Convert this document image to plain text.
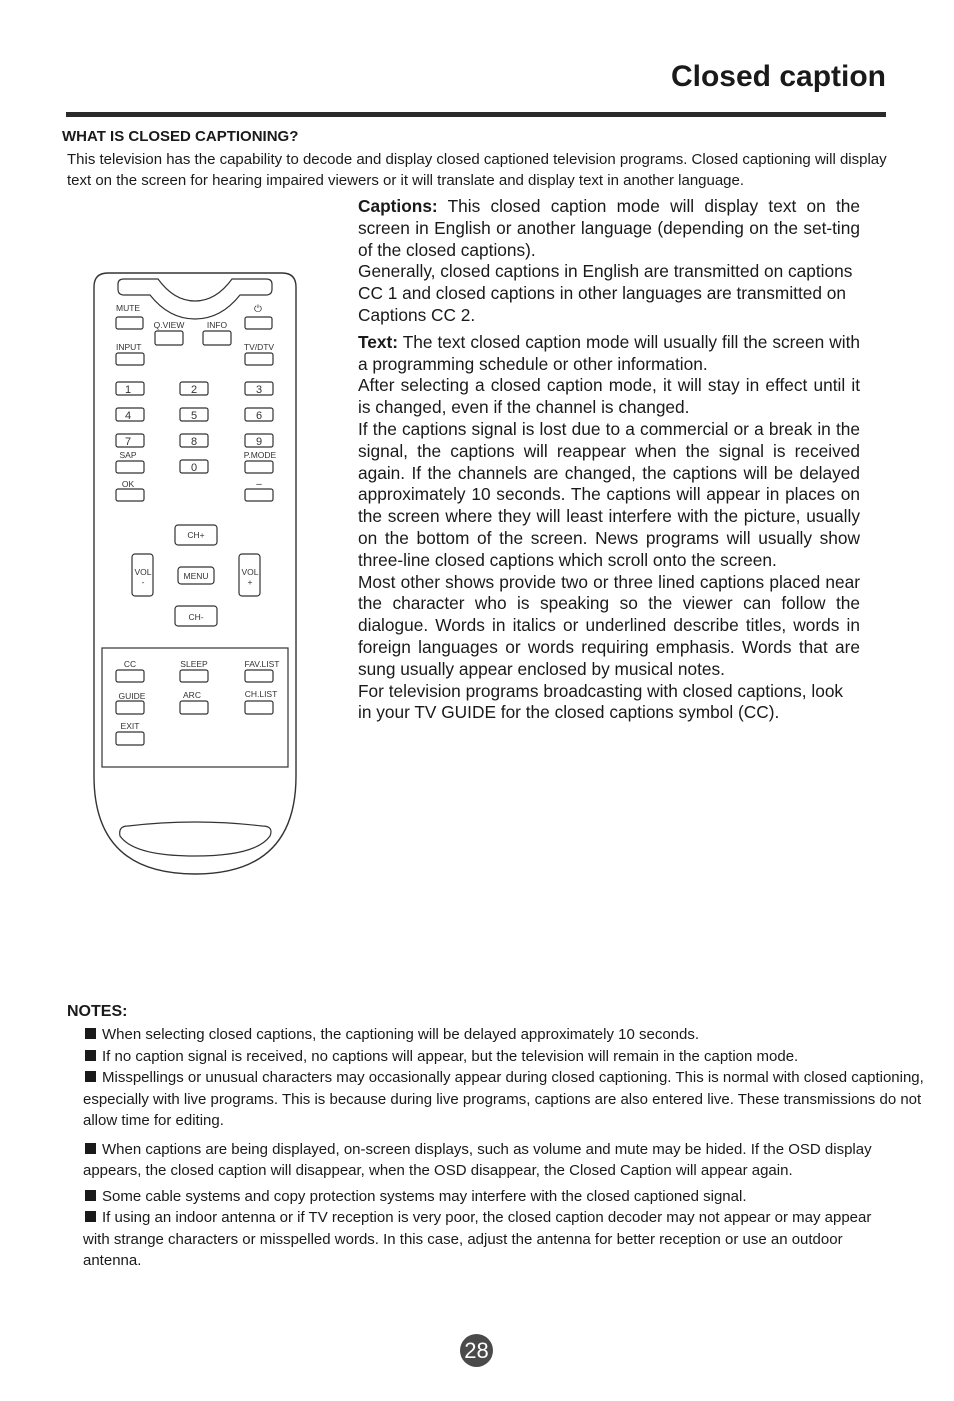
Closed caption
WHAT IS CLOSED CAPTIONING?

This television has the capability to decode and display closed captioned television programs. Closed captioning will display text on the screen for hearing impaired viewers or it will translate and display text in another language.

Captions: This closed caption mode will display text on the screen in English or another language (depending on the set-ting of the closed captions).

Generally, closed captions in English are transmitted on captions CC 1 and closed captions in other languages are transmitted on Captions CC 2.

Text: The text closed caption mode will usually fill the screen with a programming schedule or other information.

After selecting a closed caption mode, it will stay in effect until it is changed, even if the channel is changed.

If the captions signal is lost due to a commercial or a break in the signal, the captions will reappear when the signal is received again. If the channels are changed, the captions will be delayed approximately 10 seconds. The captions will appear in places on the screen where they will least interfere with the picture, usually on the bottom of the screen. News programs will usually show three-line closed captions which scroll onto the screen.

Most other shows provide two or three lined captions placed near the character who is speaking so the viewer can follow the dialogue. Words in italics or underlined describe titles, words in foreign languages or words requiring emphasis. Words that are sung usually appear enclosed by musical notes.

For television programs broadcasting with closed captions, look in your TV GUIDE for the closed captions symbol (CC).

MUTE	⏻
Q.VIEW	INFO
INPUT	TV/DTV
1	2	3
4	5	6
7	8	9
0
SAP	P.MODE
OK	–
CH+
VOL
-
VOL
+
MENU
CH-
CC	SLEEP	FAV.LIST
GUIDE	ARC	CH.LIST
EXIT
NOTES:

When selecting closed captions, the captioning will be delayed approximately 10 seconds.

If no caption signal is received, no captions will appear, but the television will remain in the caption mode.

Misspellings or unusual characters may occasionally appear during closed captioning. This is normal with closed captioning, especially with live programs. This is because during live programs, captions are also entered live. These transmissions do not allow time for editing.

When captions are being displayed, on-screen displays, such as volume and mute may be hided. If the OSD display appears, the closed caption will disappear, when the OSD disappear, the Closed Caption will appear again.

Some cable systems and copy protection systems may interfere with the closed captioned signal.

If using an indoor antenna or if TV reception is very poor, the closed caption decoder may not appear or may appear with strange characters or misspelled words. In this case, adjust the antenna for better reception or use an outdoor antenna.

28
